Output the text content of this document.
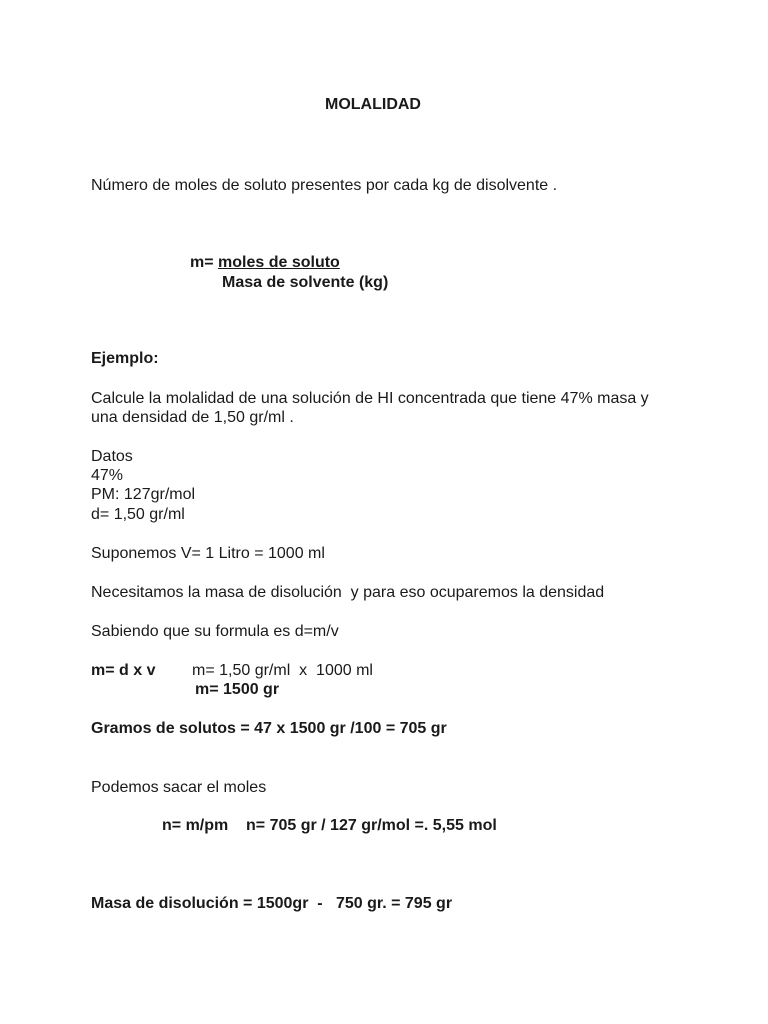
MOLALIDAD
Número de moles de soluto presentes por cada kg de disolvente .
m= moles de soluto
Masa de solvente (kg)
Ejemplo:
Calcule la molalidad de una solución de HI concentrada que tiene 47% masa y
una densidad de 1,50 gr/ml .
Datos
47%
PM: 127gr/mol
d= 1,50 gr/ml
Suponemos V= 1 Litro = 1000 ml
Necesitamos la masa de disolución  y para eso ocuparemos la densidad
Sabiendo que su formula es d=m/v
m= d x v m= 1,50 gr/ml  x  1000 ml
m= 1500 gr
Gramos de solutos = 47 x 1500 gr /100 = 705 gr
Podemos sacar el moles
n= m/pm    n= 705 gr / 127 gr/mol =. 5,55 mol
Masa de disolución = 1500gr  -   750 gr. = 795 gr
